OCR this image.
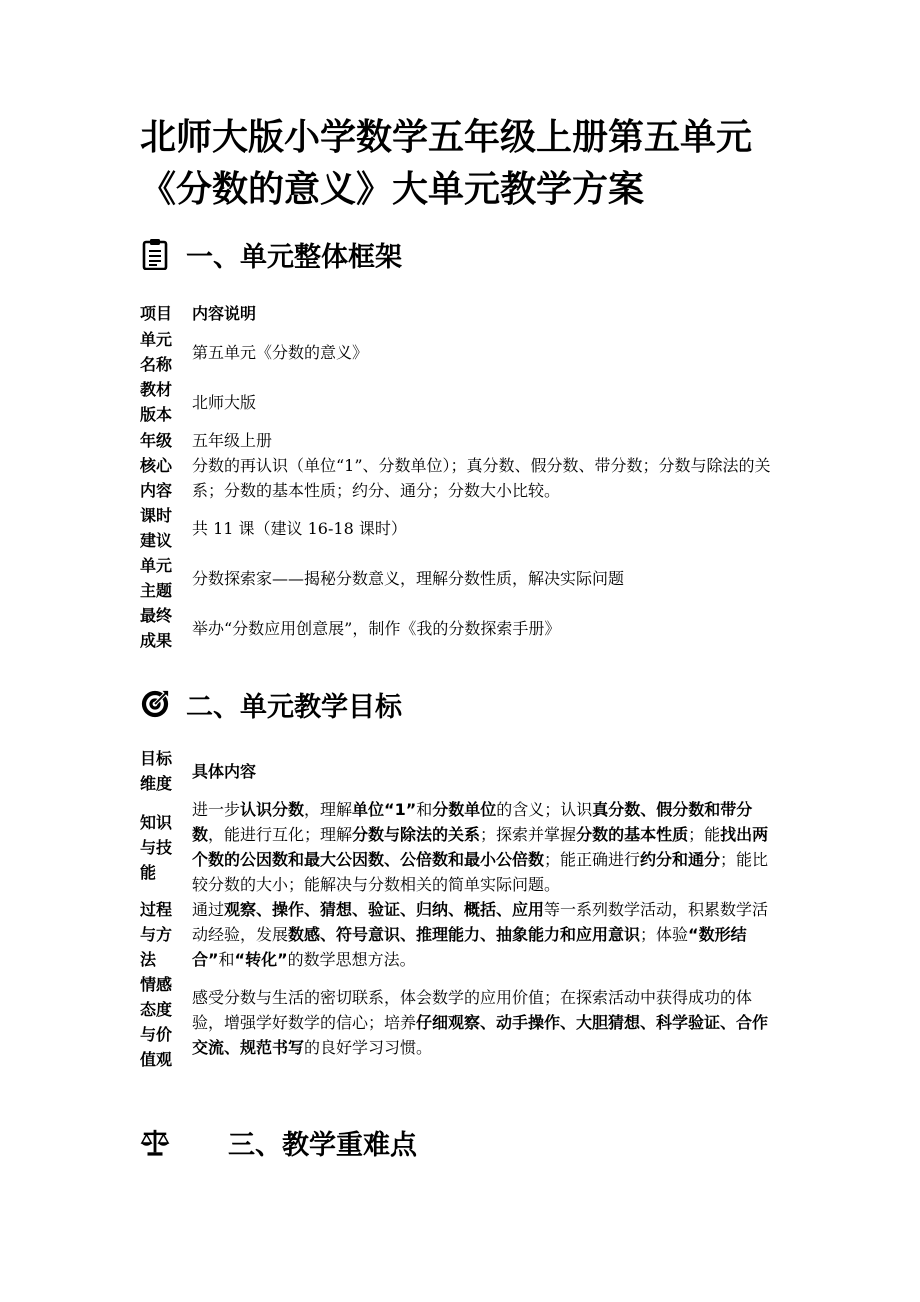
北师大版小学数学五年级上册第五单元
《分数的意义》大单元教学方案
一、单元整体框架
项目	内容说明
单元名称	第五单元《分数的意义》
教材版本	北师大版
年级	五年级上册
核心内容	分数的再认识（单位“1”、分数单位）；真分数、假分数、带分数；分数与除法的关系；分数的基本性质；约分、通分；分数大小比较。
课时建议	共 11 课（建议 16-18 课时）
单元主题	分数探索家——揭秘分数意义，理解分数性质，解决实际问题
最终成果	举办“分数应用创意展”，制作《我的分数探索手册》
二、单元教学目标
目标维度	具体内容
知识与技能	进一步认识分数，理解单位“1”和分数单位的含义；认识真分数、假分数和带分数，能进行互化；理解分数与除法的关系；探索并掌握分数的基本性质；能找出两个数的公因数和最大公因数、公倍数和最小公倍数；能正确进行约分和通分；能比较分数的大小；能解决与分数相关的简单实际问题。
过程与方法	通过观察、操作、猜想、验证、归纳、概括、应用等一系列数学活动，积累数学活动经验，发展数感、符号意识、推理能力、抽象能力和应用意识；体验“数形结合”和“转化”的数学思想方法。
情感态度与价值观	感受分数与生活的密切联系，体会数学的应用价值；在探索活动中获得成功的体验，增强学好数学的信心；培养仔细观察、动手操作、大胆猜想、科学验证、合作交流、规范书写的良好学习习惯。
三、教学重难点
